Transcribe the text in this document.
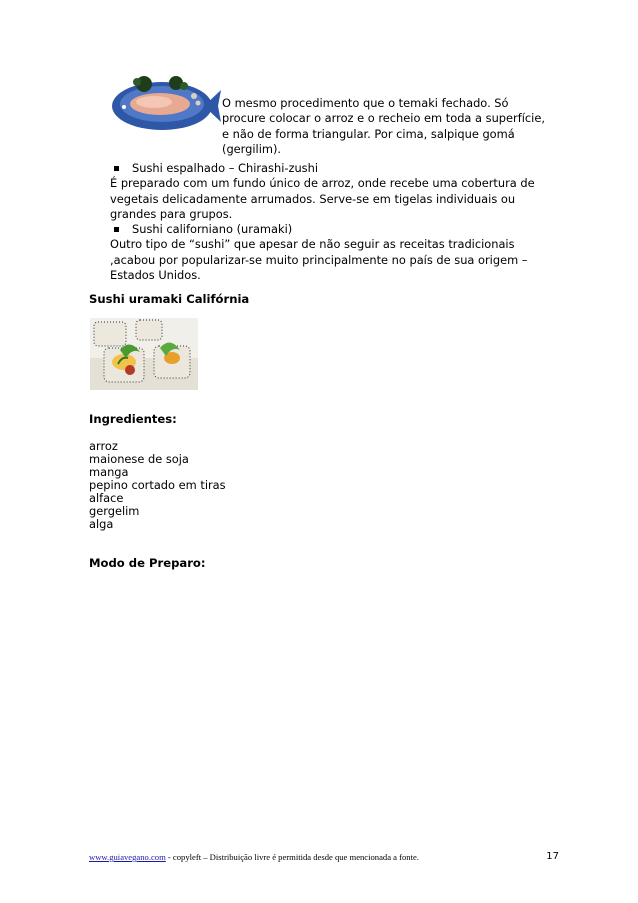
O mesmo procedimento que o temaki fechado. Só procure colocar o arroz e o recheio em toda a superfície, e não de forma triangular. Por cima, salpique gomá (gergilim).
Sushi espalhado – Chirashi-zushi
É preparado com um fundo único de arroz, onde recebe uma cobertura de vegetais delicadamente arrumados. Serve-se em tigelas individuais ou grandes para grupos.
Sushi californiano (uramaki)
Outro tipo de “sushi” que apesar de não seguir as receitas tradicionais ,acabou por popularizar-se muito principalmente no país de sua origem – Estados Unidos.
Sushi uramaki Califórnia
Ingredientes:
arroz
maionese de soja
manga
pepino cortado em tiras
alface
gergelim
alga
Modo de Preparo:
www.guiavegano.com - copyleft – Distribuição livre é permitida desde que mencionada a fonte.	17
